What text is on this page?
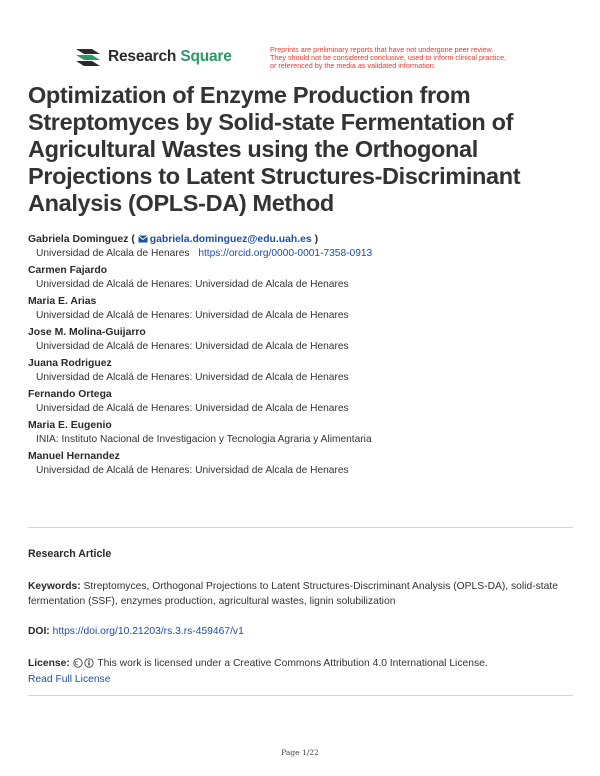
Research Square	Preprints are preliminary reports that have not undergone peer review.
They should not be considered conclusive, used to inform clinical practice,
or referenced by the media as validated information.
Optimization of Enzyme Production from Streptomyces by Solid-state Fermentation of Agricultural Wastes using the Orthogonal Projections to Latent Structures-Discriminant Analysis (OPLS-DA) Method
Gabriela Dominguez ( gabriela.dominguez@edu.uah.es )
Universidad de Alcala de Henares https://orcid.org/0000-0001-7358-0913
Carmen Fajardo
Universidad de Alcalá de Henares: Universidad de Alcala de Henares
Maria E. Arias
Universidad de Alcalá de Henares: Universidad de Alcala de Henares
Jose M. Molina-Guijarro
Universidad de Alcalá de Henares: Universidad de Alcala de Henares
Juana Rodriguez
Universidad de Alcalá de Henares: Universidad de Alcala de Henares
Fernando Ortega
Universidad de Alcalá de Henares: Universidad de Alcala de Henares
Maria E. Eugenio
INIA: Instituto Nacional de Investigacion y Tecnologia Agraria y Alimentaria
Manuel Hernandez
Universidad de Alcalá de Henares: Universidad de Alcala de Henares
Research Article
Keywords: Streptomyces, Orthogonal Projections to Latent Structures-Discriminant Analysis (OPLS-DA), solid-state fermentation (SSF), enzymes production, agricultural wastes, lignin solubilization
DOI: https://doi.org/10.21203/rs.3.rs-459467/v1
License:	This work is licensed under a Creative Commons Attribution 4.0 International License.
Read Full License
Page 1/22
